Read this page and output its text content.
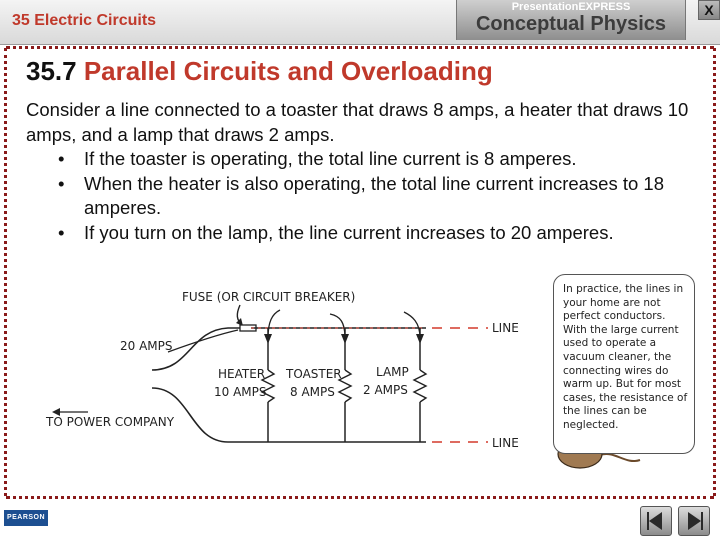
35 Electric Circuits
PresentationEXPRESS
Conceptual Physics
X
35.7 Parallel Circuits and Overloading
Consider a line connected to a toaster that draws 8 amps, a heater that draws 10 amps, and a lamp that draws 2 amps.
• If the toaster is operating, the total line current is 8 amperes.
• When the heater is also operating, the total line current increases to 18 amperes.
• If you turn on the lamp, the line current increases to 20 amperes.
FUSE (OR CIRCUIT BREAKER)
LINE
LINE
20 AMPS
TO POWER COMPANY
HEATER
10 AMPS
TOASTER
8 AMPS
LAMP
2 AMPS
In practice, the lines in your home are not perfect conductors. With the large current used to operate a vacuum cleaner, the connecting wires do warm up. But for most cases, the resistance of the lines can be neglected.
PEARSON
